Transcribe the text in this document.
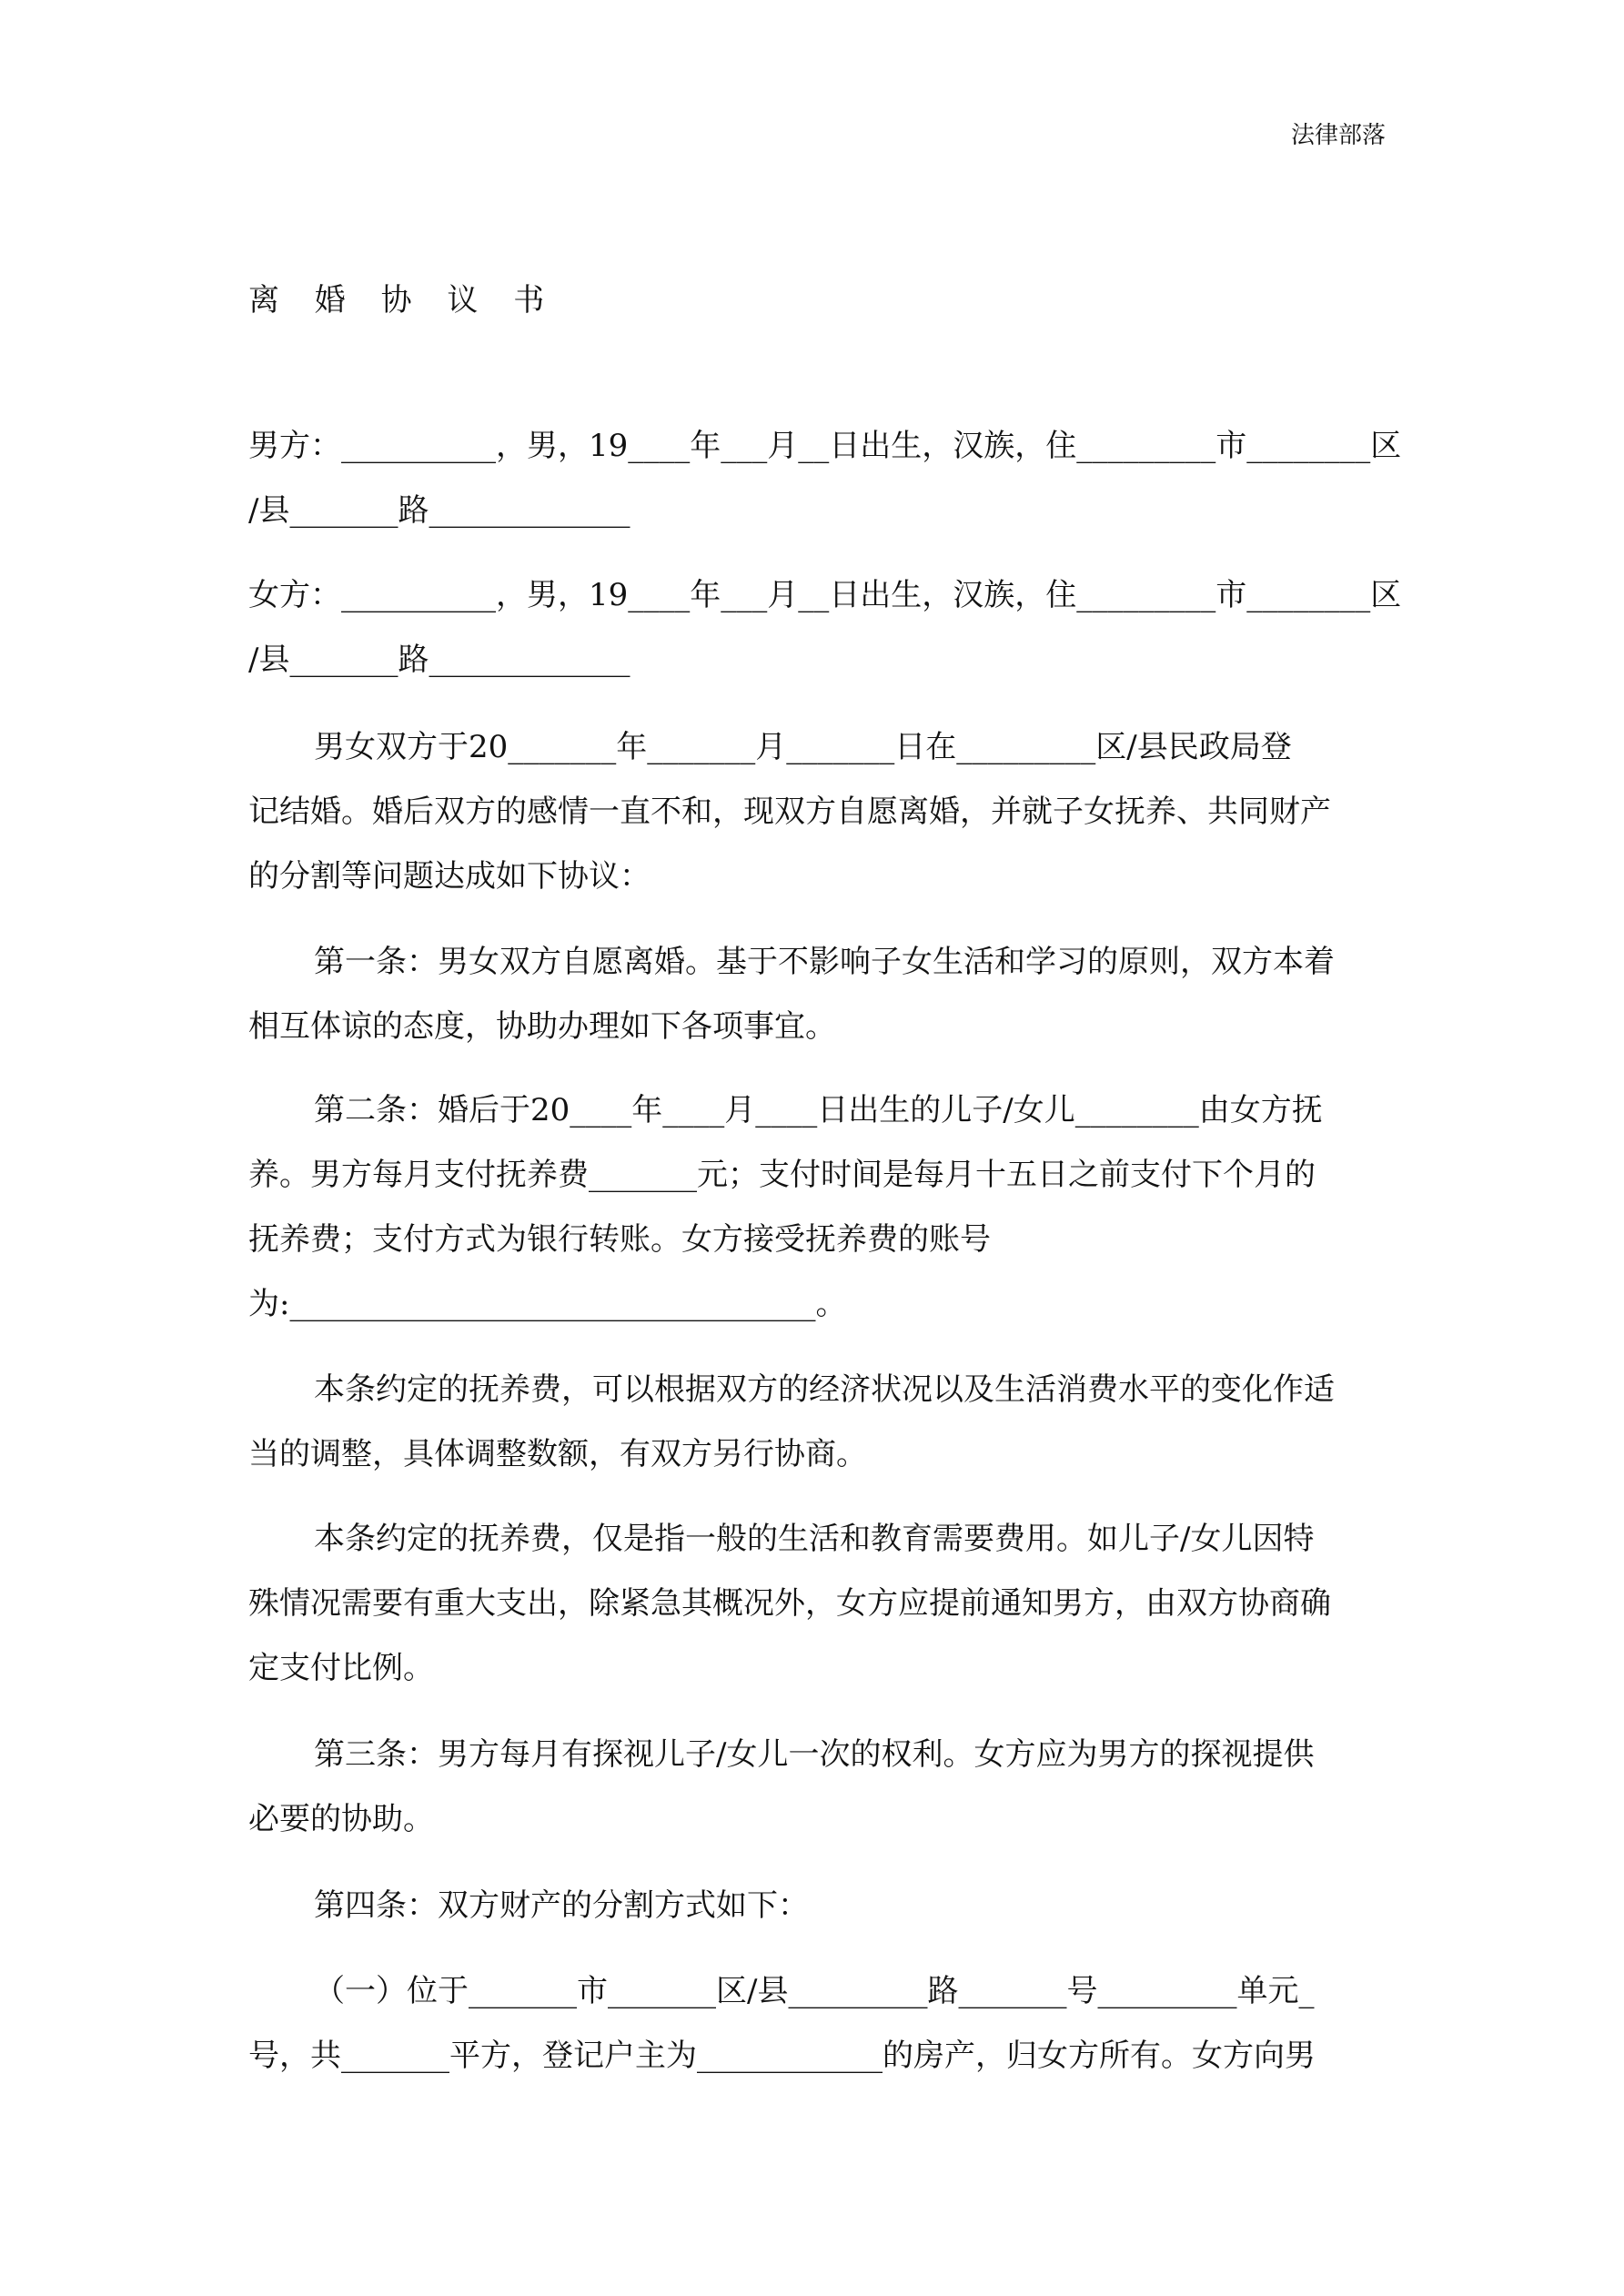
法律部落
离 婚 协 议 书
男方：__________，男，19____年___月__日出生，汉族，住_________市________区
/县_______路_____________
女方：__________，男，19____年___月__日出生，汉族，住_________市________区
/县_______路_____________
男女双方于20_______年_______月_______日在_________区/县民政局登
记结婚。婚后双方的感情一直不和，现双方自愿离婚，并就子女抚养、共同财产
的分割等问题达成如下协议：
第一条：男女双方自愿离婚。基于不影响子女生活和学习的原则，双方本着
相互体谅的态度，协助办理如下各项事宜。
第二条：婚后于20____年____月____日出生的儿子/女儿________由女方抚
养。男方每月支付抚养费_______元；支付时间是每月十五日之前支付下个月的
抚养费；支付方式为银行转账。女方接受抚养费的账号
为:__________________________________。
本条约定的抚养费，可以根据双方的经济状况以及生活消费水平的变化作适
当的调整，具体调整数额，有双方另行协商。
本条约定的抚养费，仅是指一般的生活和教育需要费用。如儿子/女儿因特
殊情况需要有重大支出，除紧急其概况外，女方应提前通知男方，由双方协商确
定支付比例。
第三条：男方每月有探视儿子/女儿一次的权利。女方应为男方的探视提供
必要的协助。
第四条：双方财产的分割方式如下：
（一）位于_______市_______区/县_________路_______号_________单元_
号，共_______平方，登记户主为____________的房产，归女方所有。女方向男
